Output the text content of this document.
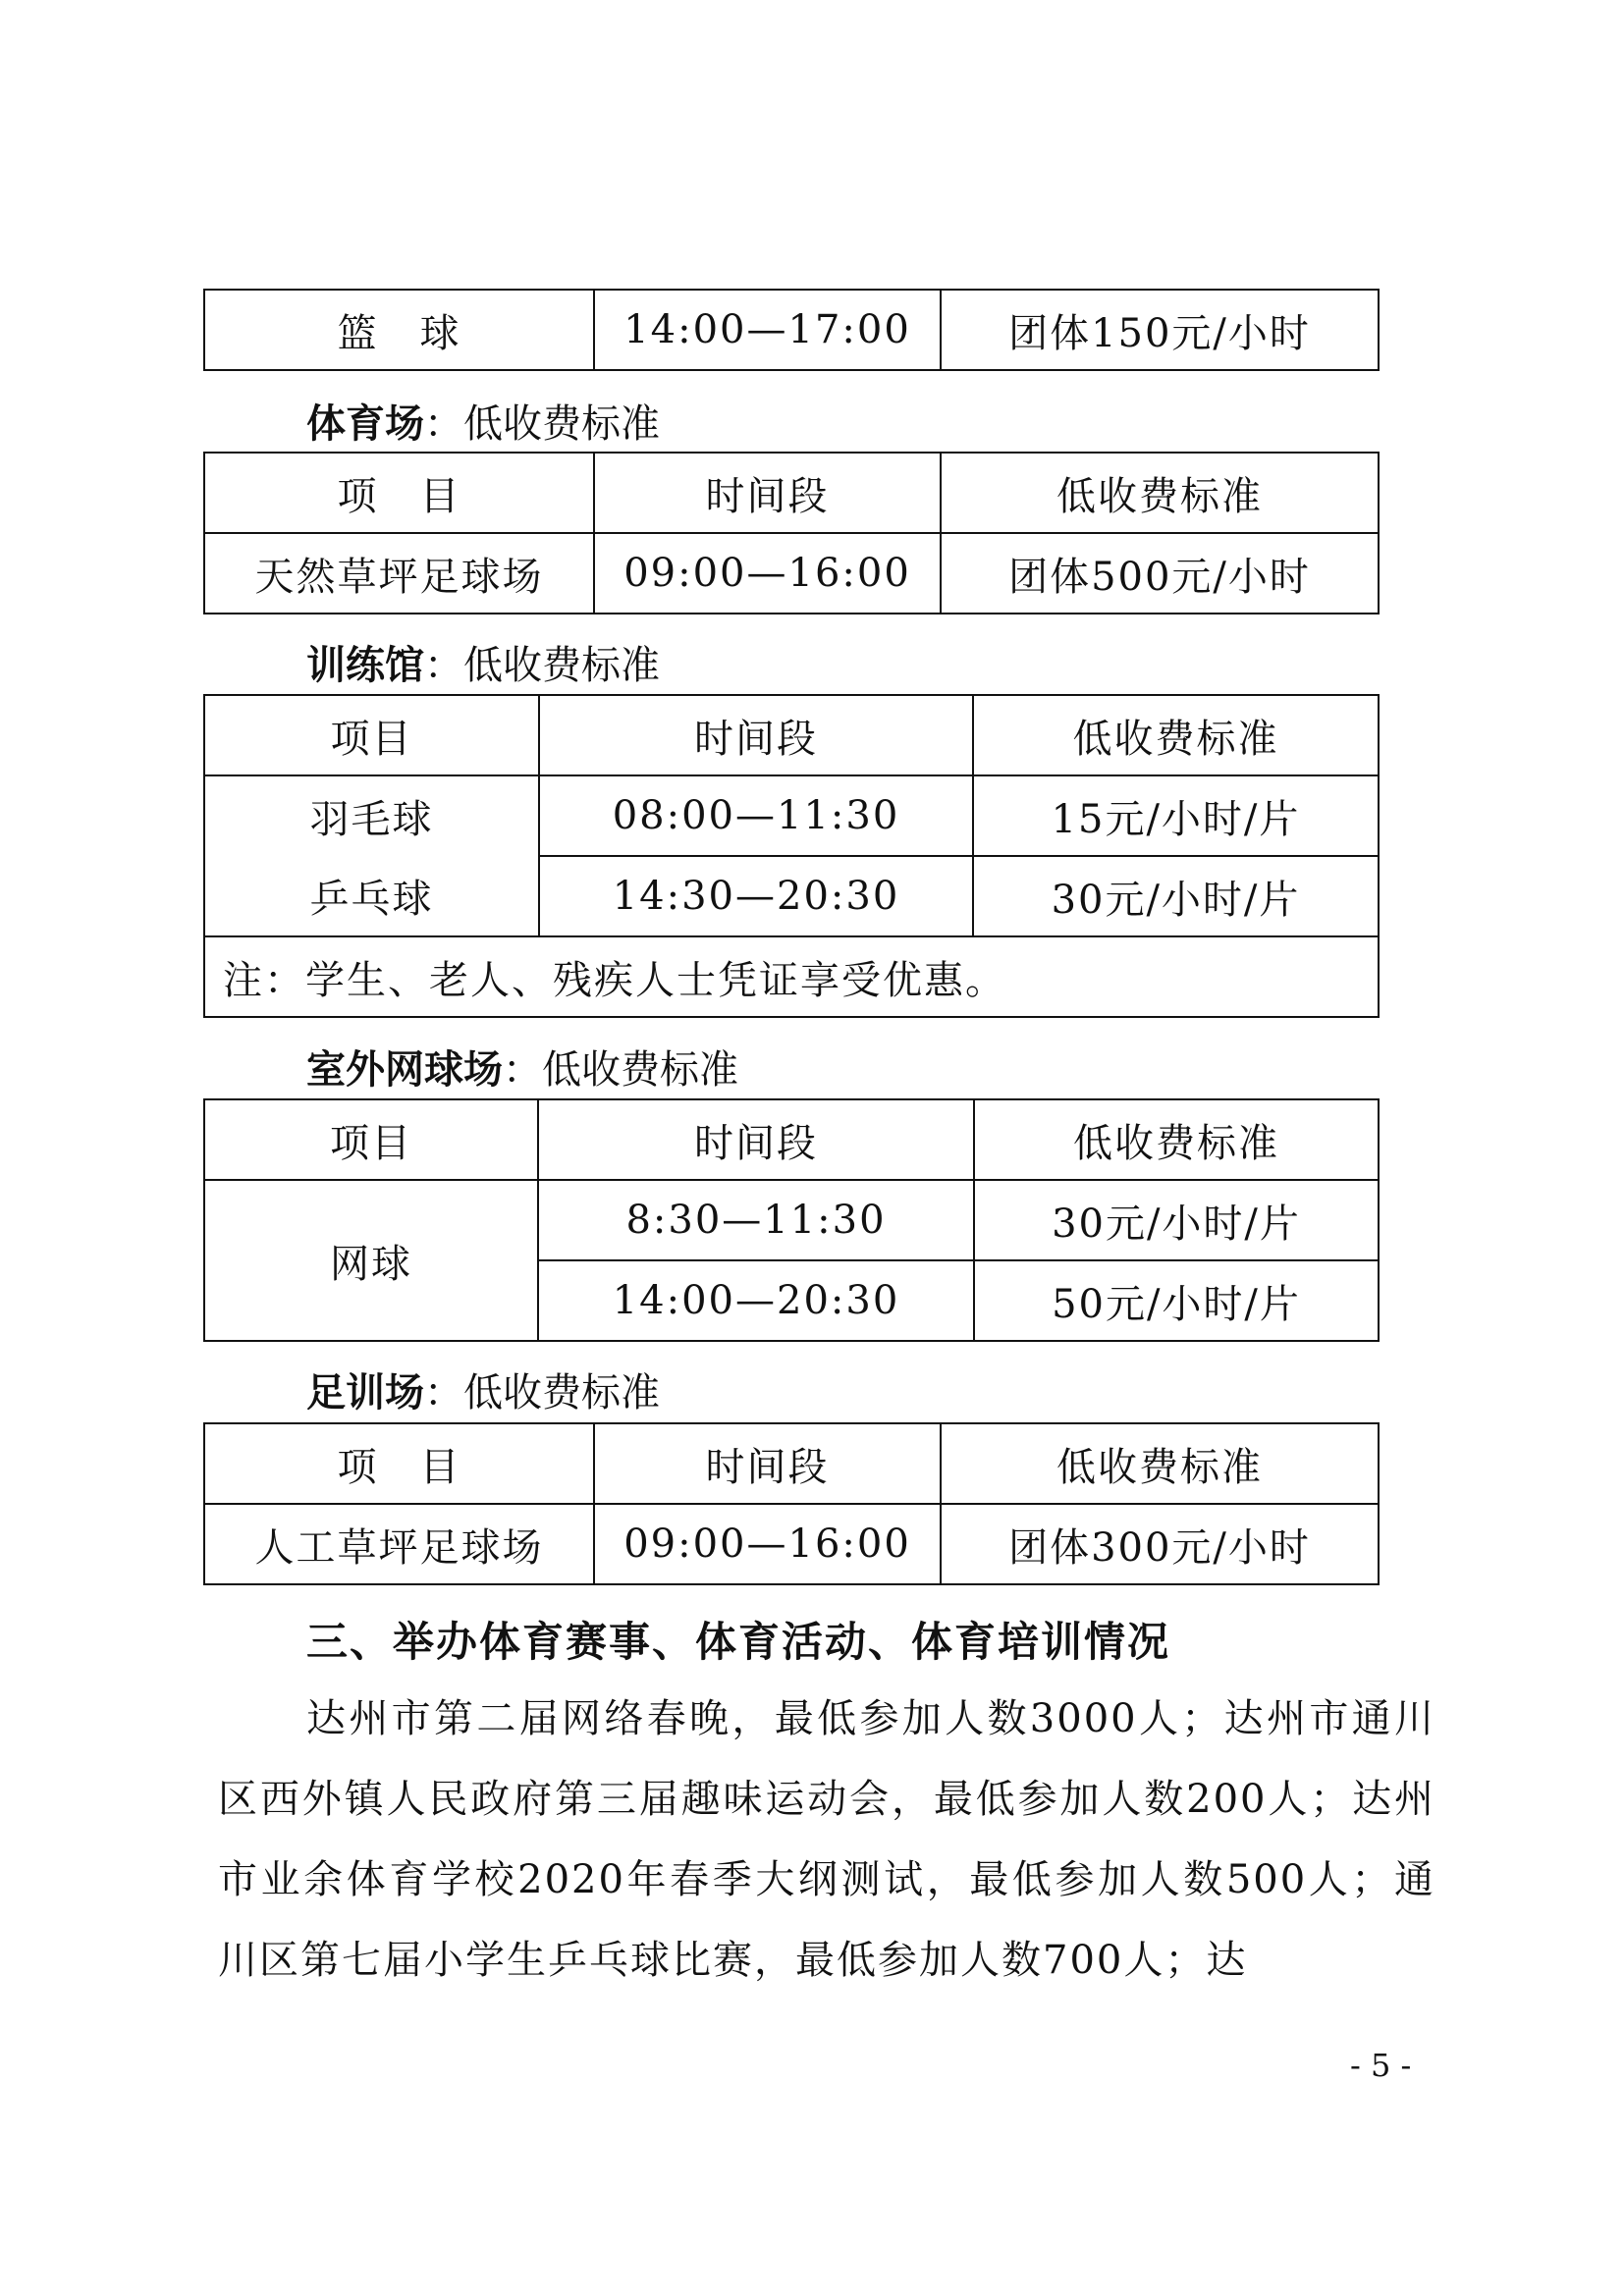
篮　球	14:00—17:00	团体150元/小时
体育场：低收费标准
项　目	时间段	低收费标准
天然草坪足球场	09:00—16:00	团体500元/小时
训练馆：低收费标准
项目	时间段	低收费标准
羽毛球	08:00—11:30	15元/小时/片
乒乓球	14:30—20:30	30元/小时/片
注：学生、老人、残疾人士凭证享受优惠。		
室外网球场：低收费标准
项目	时间段	低收费标准
网球	8:30—11:30	30元/小时/片
	14:00—20:30	50元/小时/片
足训场：低收费标准
项　目	时间段	低收费标准
人工草坪足球场	09:00—16:00	团体300元/小时
三、举办体育赛事、体育活动、体育培训情况
达州市第二届网络春晚，最低参加人数3000人；达州市通川区西外镇人民政府第三届趣味运动会，最低参加人数200人；达州市业余体育学校2020年春季大纲测试，最低参加人数500人；通川区第七届小学生乒乓球比赛，最低参加人数700人；达
- 5 -
